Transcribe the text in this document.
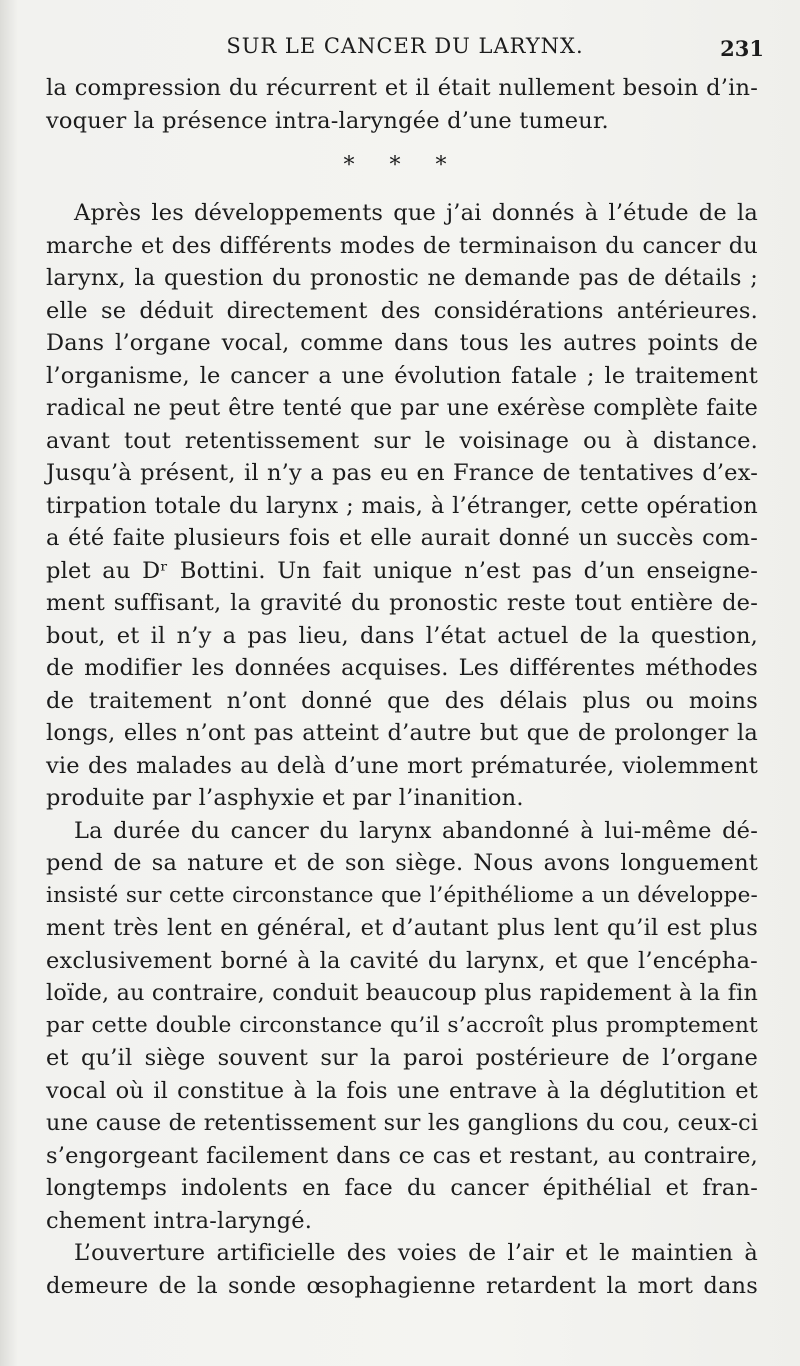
SUR LE CANCER DU LARYNX.	231
la compression du récurrent et il était nullement besoin d’in-
voquer la présence intra-laryngée d’une tumeur.
* * *
Après les développements que j’ai donnés à l’étude de la
marche et des différents modes de terminaison du cancer du
larynx, la question du pronostic ne demande pas de détails ;
elle se déduit directement des considérations antérieures.
Dans l’organe vocal, comme dans tous les autres points de
l’organisme, le cancer a une évolution fatale ; le traitement
radical ne peut être tenté que par une exérèse complète faite
avant tout retentissement sur le voisinage ou à distance.
Jusqu’à présent, il n’y a pas eu en France de tentatives d’ex-
tirpation totale du larynx ; mais, à l’étranger, cette opération
a été faite plusieurs fois et elle aurait donné un succès com-
plet au Dʳ Bottini. Un fait unique n’est pas d’un enseigne-
ment suffisant, la gravité du pronostic reste tout entière de-
bout, et il n’y a pas lieu, dans l’état actuel de la question,
de modifier les données acquises. Les différentes méthodes
de traitement n’ont donné que des délais plus ou moins
longs, elles n’ont pas atteint d’autre but que de prolonger la
vie des malades au delà d’une mort prématurée, violemment
produite par l’asphyxie et par l’inanition.
La durée du cancer du larynx abandonné à lui-même dé-
pend de sa nature et de son siège. Nous avons longuement
insisté sur cette circonstance que l’épithéliome a un développe-
ment très lent en général, et d’autant plus lent qu’il est plus
exclusivement borné à la cavité du larynx, et que l’encépha-
loïde, au contraire, conduit beaucoup plus rapidement à la fin
par cette double circonstance qu’il s’accroît plus promptement
et qu’il siège souvent sur la paroi postérieure de l’organe
vocal où il constitue à la fois une entrave à la déglutition et
une cause de retentissement sur les ganglions du cou, ceux-ci
s’engorgeant facilement dans ce cas et restant, au contraire,
longtemps indolents en face du cancer épithélial et fran-
chement intra-laryngé.
L’ouverture artificielle des voies de l’air et le maintien à
demeure de la sonde œsophagienne retardent la mort dans
